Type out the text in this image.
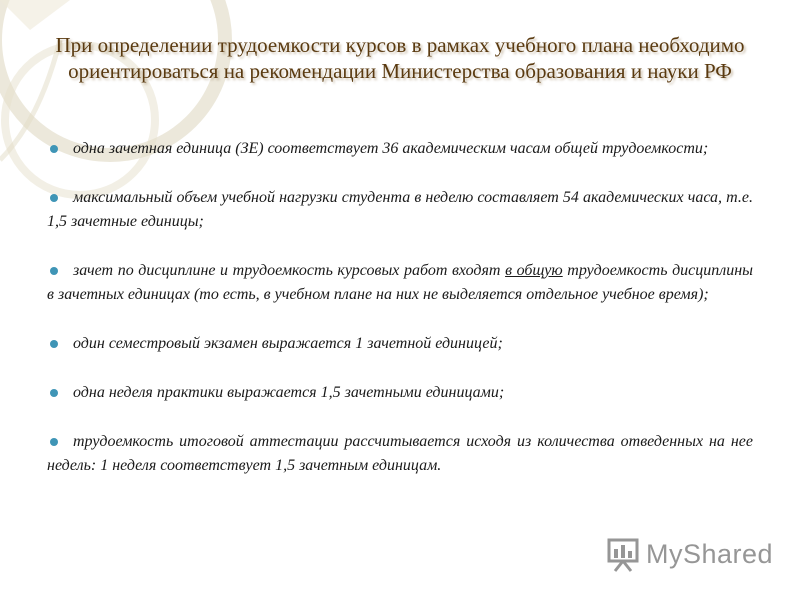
При определении трудоемкости курсов в рамках учебного плана необходимо ориентироваться на рекомендации Министерства образования и науки РФ
одна зачетная единица (ЗЕ) соответствует 36 академическим часам общей трудоемкости;
максимальный объем учебной нагрузки студента в неделю составляет 54 академических часа, т.е. 1,5 зачетные единицы;
зачет по дисциплине и трудоемкость курсовых работ входят в общую трудоемкость дисциплины в зачетных единицах (то есть, в учебном плане на них не выделяется отдельное учебное время);
один семестровый экзамен выражается 1 зачетной единицей;
одна неделя практики выражается 1,5 зачетными единицами;
трудоемкость итоговой аттестации рассчитывается исходя из количества отведенных на нее недель: 1 неделя соответствует 1,5 зачетным единицам.
MyShared
